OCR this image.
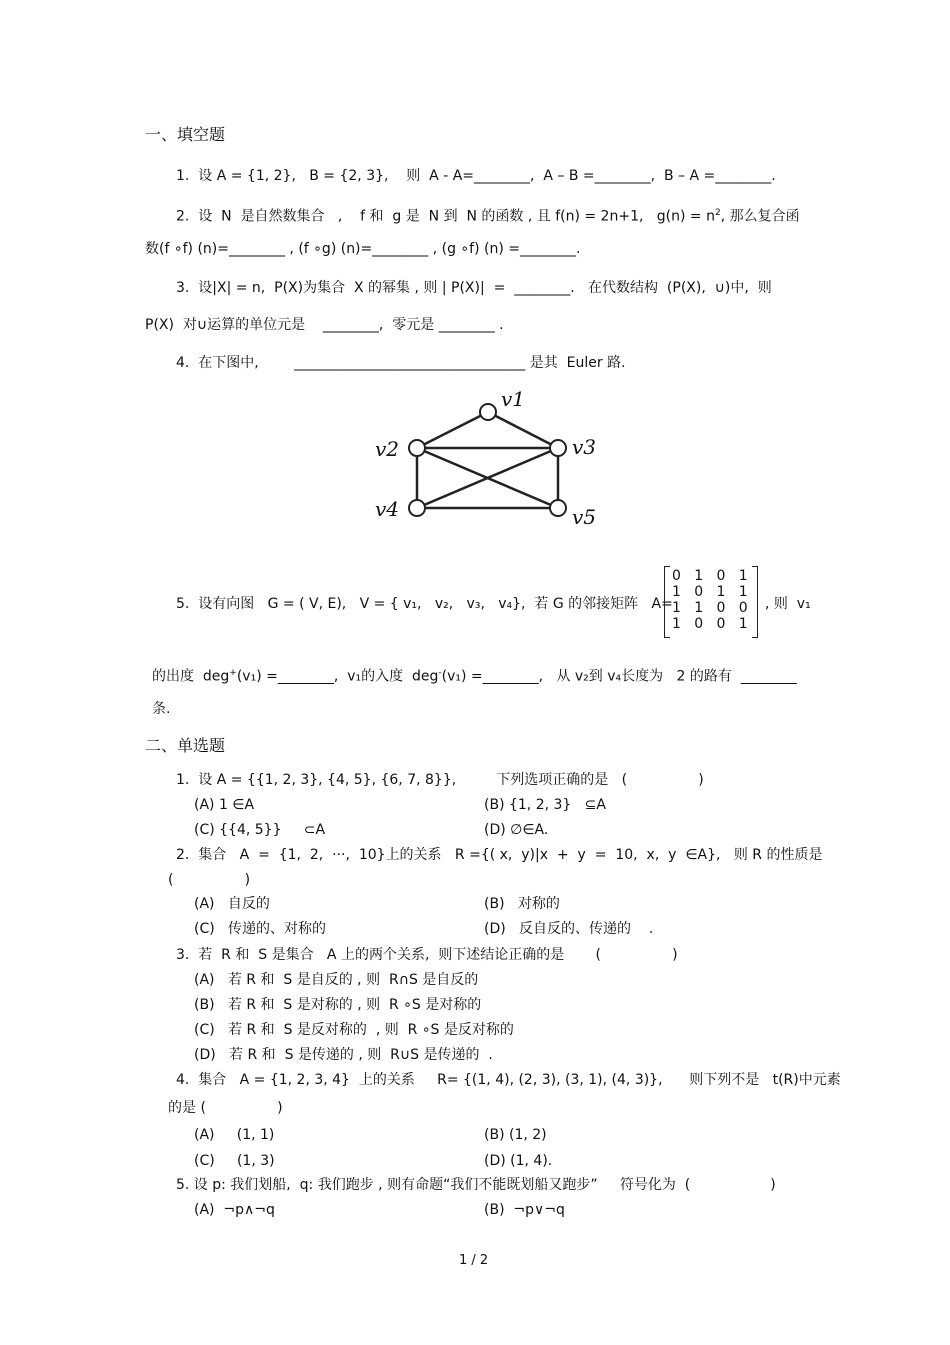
一、填空题
1.  设 A = {1, 2},   B = {2, 3},    则  A - A=________,  A – B =________,  B – A =________.
2.  设  N  是自然数集合   ,    f 和  g 是  N 到  N 的函数 , 且 f(n) = 2n+1,   $g(n) = n^2$, 那么复合函
数(f ∘f) (n)=________ , (f ∘g) (n)=________ , (g ∘f) (n) =________.
3.  设|X| = n,  P(X)为集合  X 的幂集 , 则 | P(X)|  =  ________.   在代数结构  (P(X),  ∪)中,  则
P(X)  对∪运算的单位元是    ________,  零元是 ________ .
4.  在下图中,        _________________________________ 是其  Euler 路.
v1
v2	v3
v4	v5
5.  设有向图   G = ( V, E),   V = { v₁,   v₂,   v₃,   v₄},  若 G 的邻接矩阵   A=
0   1   0   1
1   0   1   1
1   1   0   0
1   0   0   1
, 则  v₁
的出度  deg+(v₁) =________,  v₁的入度  deg-(v₁) =________,   从 v₂到 v₄长度为   2 的路有  ________
条.
二、单选题
1.  设 A = {{1, 2, 3}, {4, 5}, {6, 7, 8}},         下列选项正确的是   (                )
(A) 1 ∈A	(B) {1, 2, 3}   ⊆A
(C) {{4, 5}}     ⊂A	(D) ∅∈A.
2.  集合   A  =  {1,  2,  ···,  10}上的关系   R ={( x,  y)|x  +  y  =  10,  x,  y  ∈A},   则 R 的性质是
(                )
(A)   自反的	(B)   对称的
(C)   传递的、对称的	(D)   反自反的、传递的    .
3.  若  R 和  S 是集合   A 上的两个关系,  则下述结论正确的是       (                )
(A)   若 R 和  S 是自反的 , 则  R∩S 是自反的
(B)   若 R 和  S 是对称的 , 则  R ∘S 是对称的
(C)   若 R 和  S 是反对称的  , 则  R ∘S 是反对称的
(D)   若 R 和  S 是传递的 , 则  R∪S 是传递的  .
4.  集合   A = {1, 2, 3, 4}  上的关系     R= {(1, 4), (2, 3), (3, 1), (4, 3)},      则下列不是   t(R)中元素
的是 (                )
(A)     (1, 1)	(B) (1, 2)
(C)     (1, 3)	(D) (1, 4).
5. 设 p: 我们划船,  q: 我们跑步 , 则有命题“我们不能既划船又跑步”     符号化为  (                  )
(A)  ¬p∧¬q	(B)  ¬p∨¬q
1 / 2
